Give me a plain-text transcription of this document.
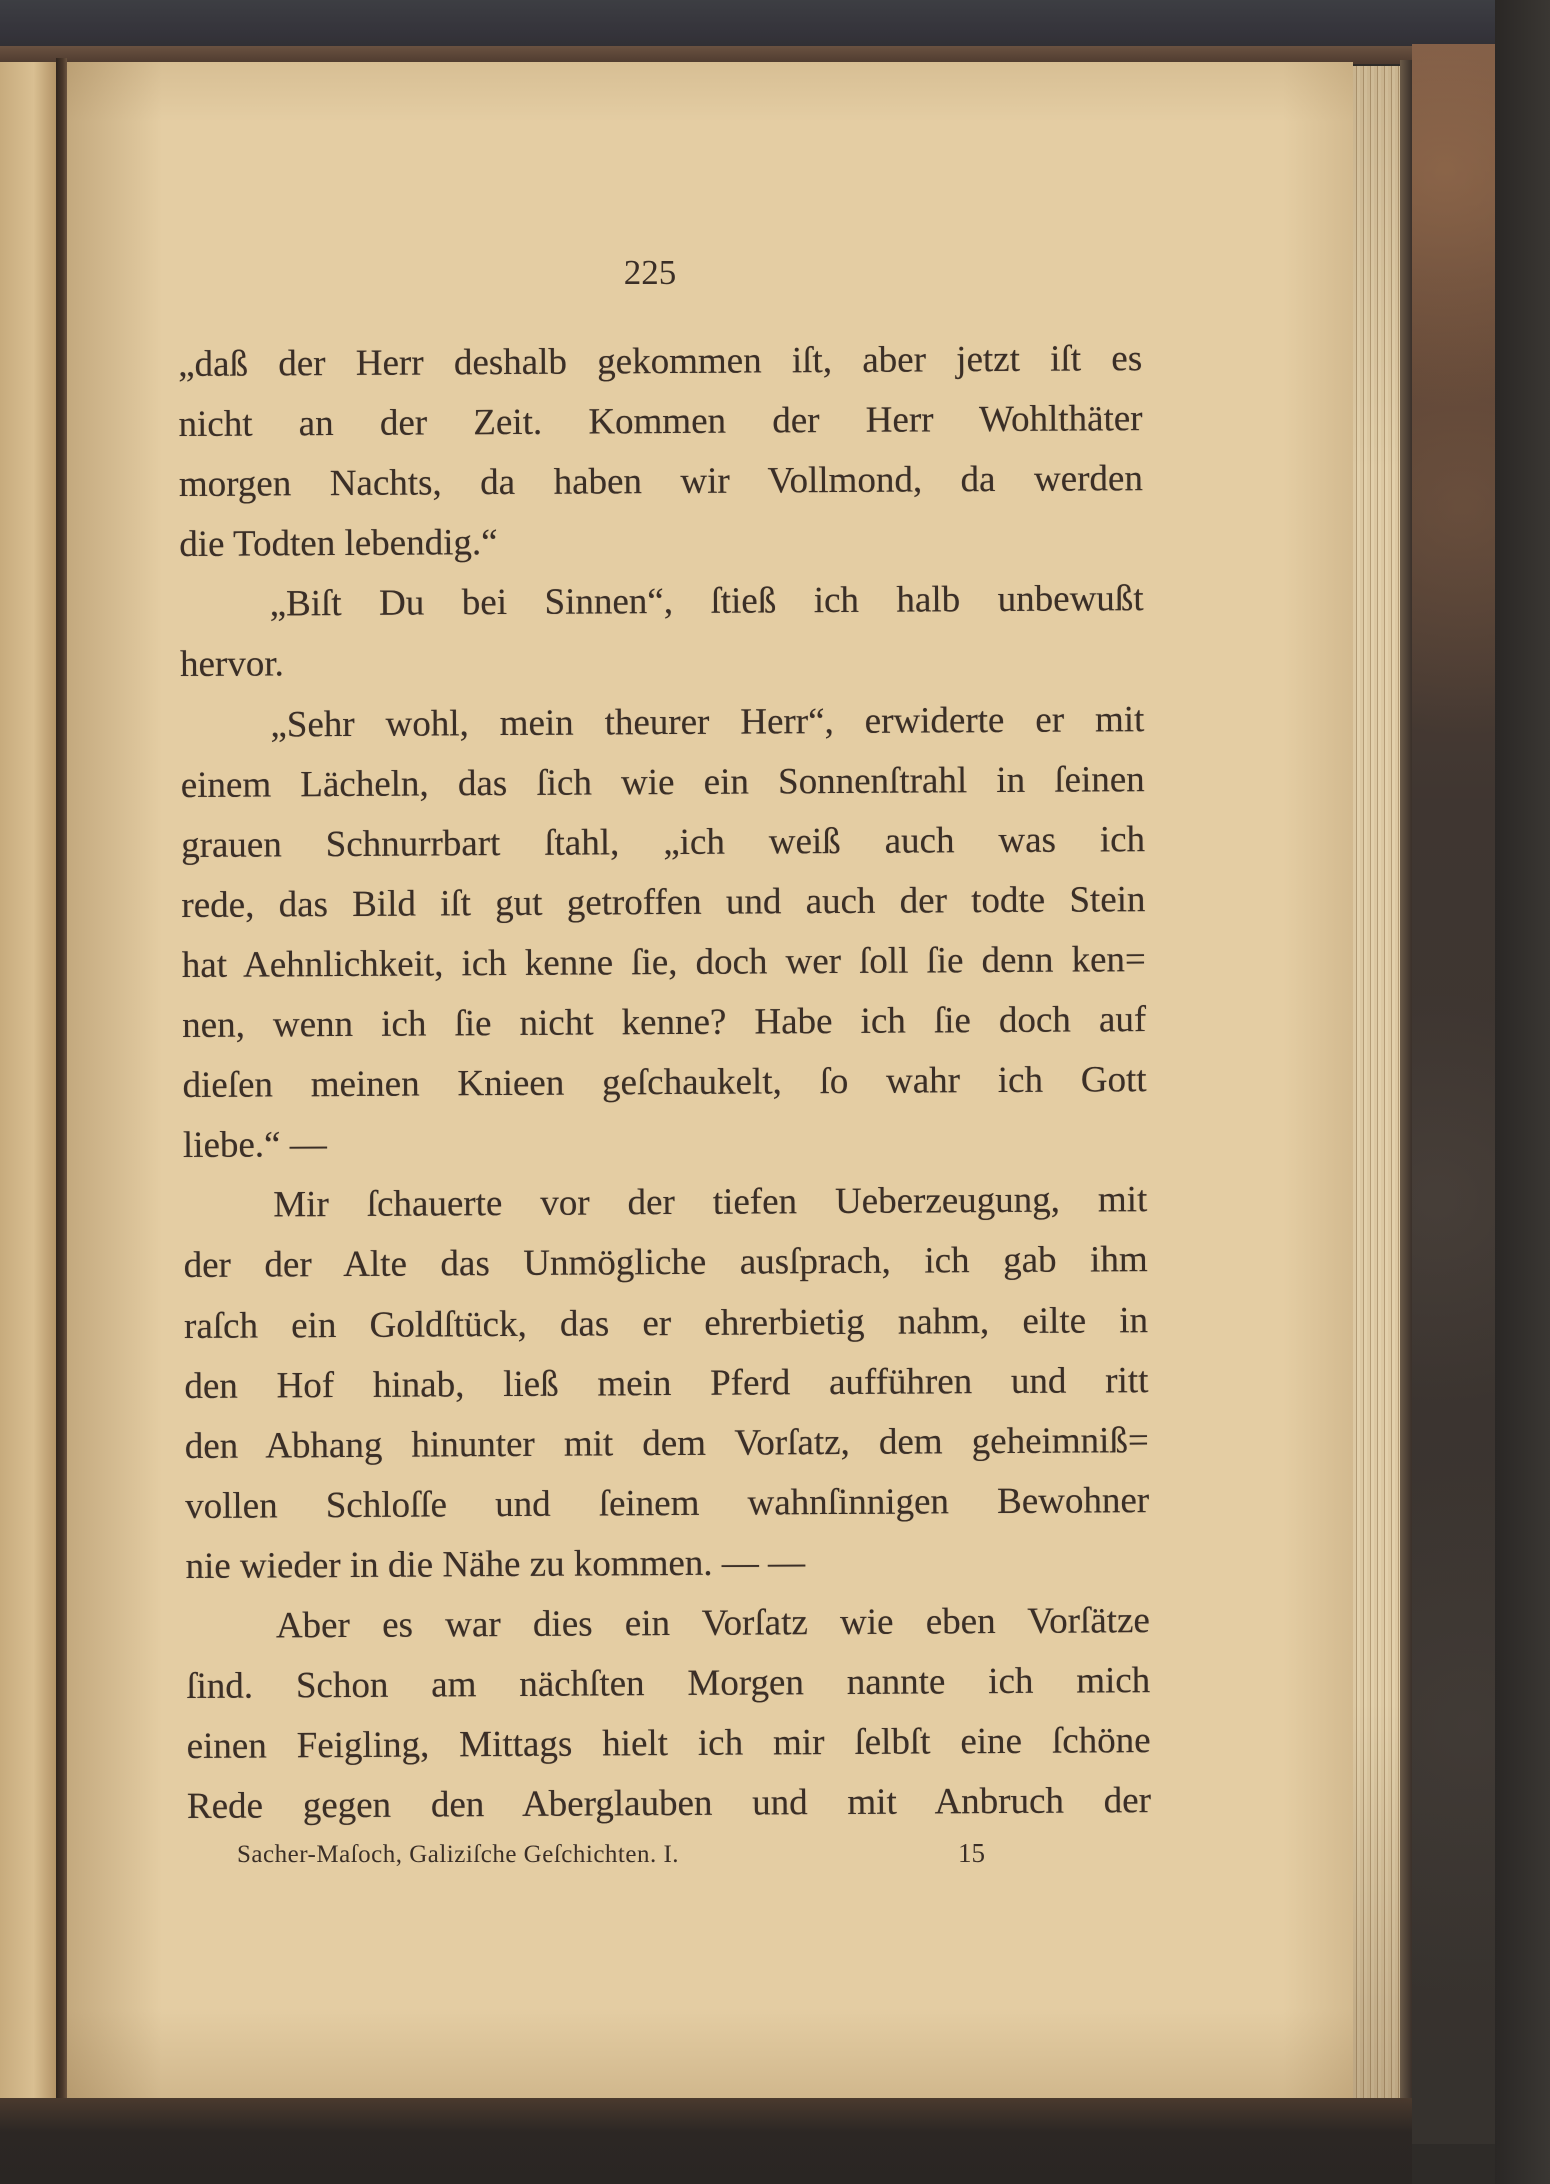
225
„daß der Herr deshalb gekommen iſt, aber jetzt iſt es
nicht an der Zeit. Kommen der Herr Wohlthäter
morgen Nachts, da haben wir Vollmond, da werden
die Todten lebendig.“
„Biſt Du bei Sinnen“, ſtieß ich halb unbewußt
hervor.
„Sehr wohl, mein theurer Herr“, erwiderte er mit
einem Lächeln, das ſich wie ein Sonnenſtrahl in ſeinen
grauen Schnurrbart ſtahl, „ich weiß auch was ich
rede, das Bild iſt gut getroffen und auch der todte Stein
hat Aehnlichkeit, ich kenne ſie, doch wer ſoll ſie denn ken=
nen, wenn ich ſie nicht kenne? Habe ich ſie doch auf
dieſen meinen Knieen geſchaukelt, ſo wahr ich Gott
liebe.“ —
Mir ſchauerte vor der tiefen Ueberzeugung, mit
der der Alte das Unmögliche ausſprach, ich gab ihm
raſch ein Goldſtück, das er ehrerbietig nahm, eilte in
den Hof hinab, ließ mein Pferd aufführen und ritt
den Abhang hinunter mit dem Vorſatz, dem geheimniß=
vollen Schloſſe und ſeinem wahnſinnigen Bewohner
nie wieder in die Nähe zu kommen. — —
Aber es war dies ein Vorſatz wie eben Vorſätze
ſind. Schon am nächſten Morgen nannte ich mich
einen Feigling, Mittags hielt ich mir ſelbſt eine ſchöne
Rede gegen den Aberglauben und mit Anbruch der
Sacher-Maſoch, Galiziſche Geſchichten. I.	15
